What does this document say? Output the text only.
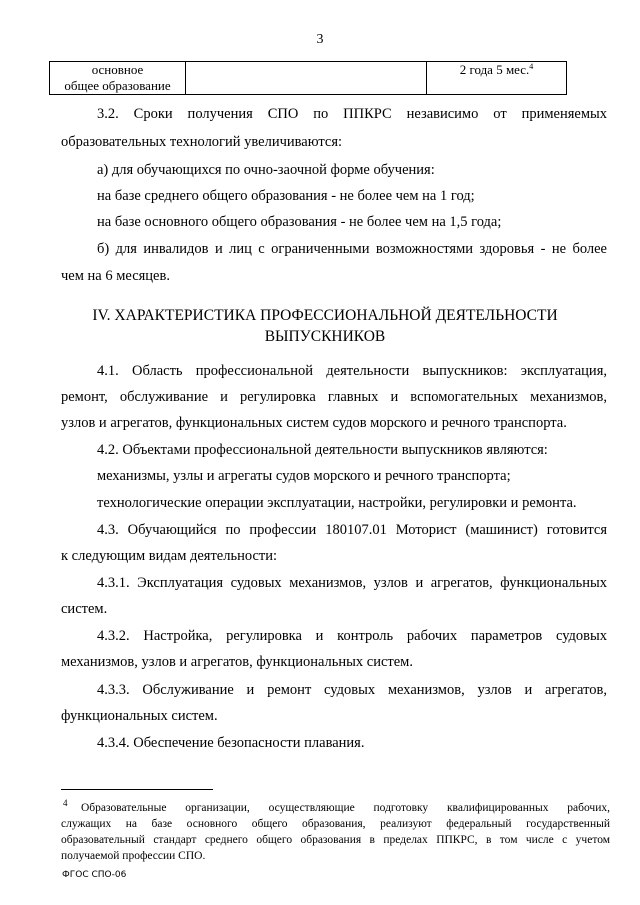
3
основное
общее образование
		2 года 5 мес.$^4$
3.2. Сроки получения СПО по ППКРС независимо от применяемых
образовательных технологий увеличиваются:
а) для обучающихся по очно-заочной форме обучения:
на базе среднего общего образования - не более чем на 1 год;
на базе основного общего образования - не более чем на 1,5 года;
б) для инвалидов и лиц с ограниченными возможностями здоровья - не более
чем на 6 месяцев.
IV. ХАРАКТЕРИСТИКА ПРОФЕССИОНАЛЬНОЙ ДЕЯТЕЛЬНОСТИ
ВЫПУСКНИКОВ
4.1. Область профессиональной деятельности выпускников: эксплуатация,
ремонт, обслуживание и регулировка главных и вспомогательных механизмов,
узлов и агрегатов, функциональных систем судов морского и речного транспорта.
4.2. Объектами профессиональной деятельности выпускников являются:
механизмы, узлы и агрегаты судов морского и речного транспорта;
технологические операции эксплуатации, настройки, регулировки и ремонта.
4.3. Обучающийся по профессии 180107.01 Моторист (машинист) готовится
к следующим видам деятельности:
4.3.1. Эксплуатация судовых механизмов, узлов и агрегатов, функциональных
систем.
4.3.2. Настройка, регулировка и контроль рабочих параметров судовых
механизмов, узлов и агрегатов, функциональных систем.
4.3.3. Обслуживание и ремонт судовых механизмов, узлов и агрегатов,
функциональных систем.
4.3.4. Обеспечение безопасности плавания.
4 Образовательные организации, осуществляющие подготовку квалифицированных рабочих,
служащих на базе основного общего образования, реализуют федеральный государственный
образовательный стандарт среднего общего образования в пределах ППКРС, в том числе с учетом
получаемой профессии СПО.
ФГОС СПО-06
